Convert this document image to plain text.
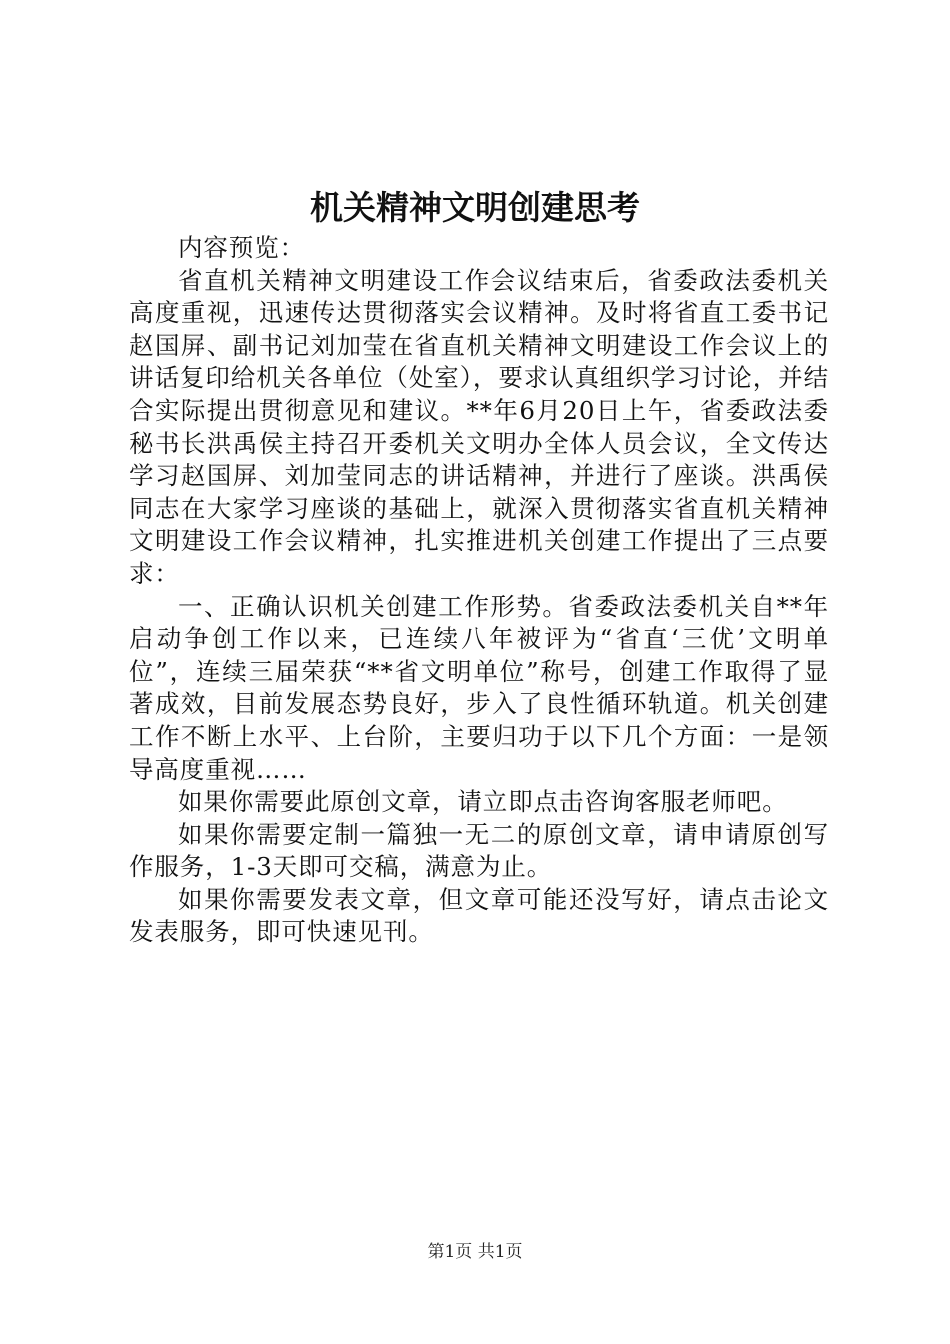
机关精神文明创建思考

内容预览：

省直机关精神文明建设工作会议结束后，省委政法委机关高度重视，迅速传达贯彻落实会议精神。及时将省直工委书记赵国屏、副书记刘加莹在省直机关精神文明建设工作会议上的讲话复印给机关各单位（处室），要求认真组织学习讨论，并结合实际提出贯彻意见和建议。**年6月20日上午，省委政法委秘书长洪禹侯主持召开委机关文明办全体人员会议，全文传达学习赵国屏、刘加莹同志的讲话精神，并进行了座谈。洪禹侯同志在大家学习座谈的基础上，就深入贯彻落实省直机关精神文明建设工作会议精神，扎实推进机关创建工作提出了三点要求：

一、正确认识机关创建工作形势。省委政法委机关自**年启动争创工作以来，已连续八年被评为“省直‘三优’文明单位”，连续三届荣获“**省文明单位”称号，创建工作取得了显著成效，目前发展态势良好，步入了良性循环轨道。机关创建工作不断上水平、上台阶，主要归功于以下几个方面：一是领导高度重视……

如果你需要此原创文章，请立即点击咨询客服老师吧。

如果你需要定制一篇独一无二的原创文章，请申请原创写作服务，1-3天即可交稿，满意为止。

如果你需要发表文章，但文章可能还没写好，请点击论文发表服务，即可快速见刊。

第1页 共1页
